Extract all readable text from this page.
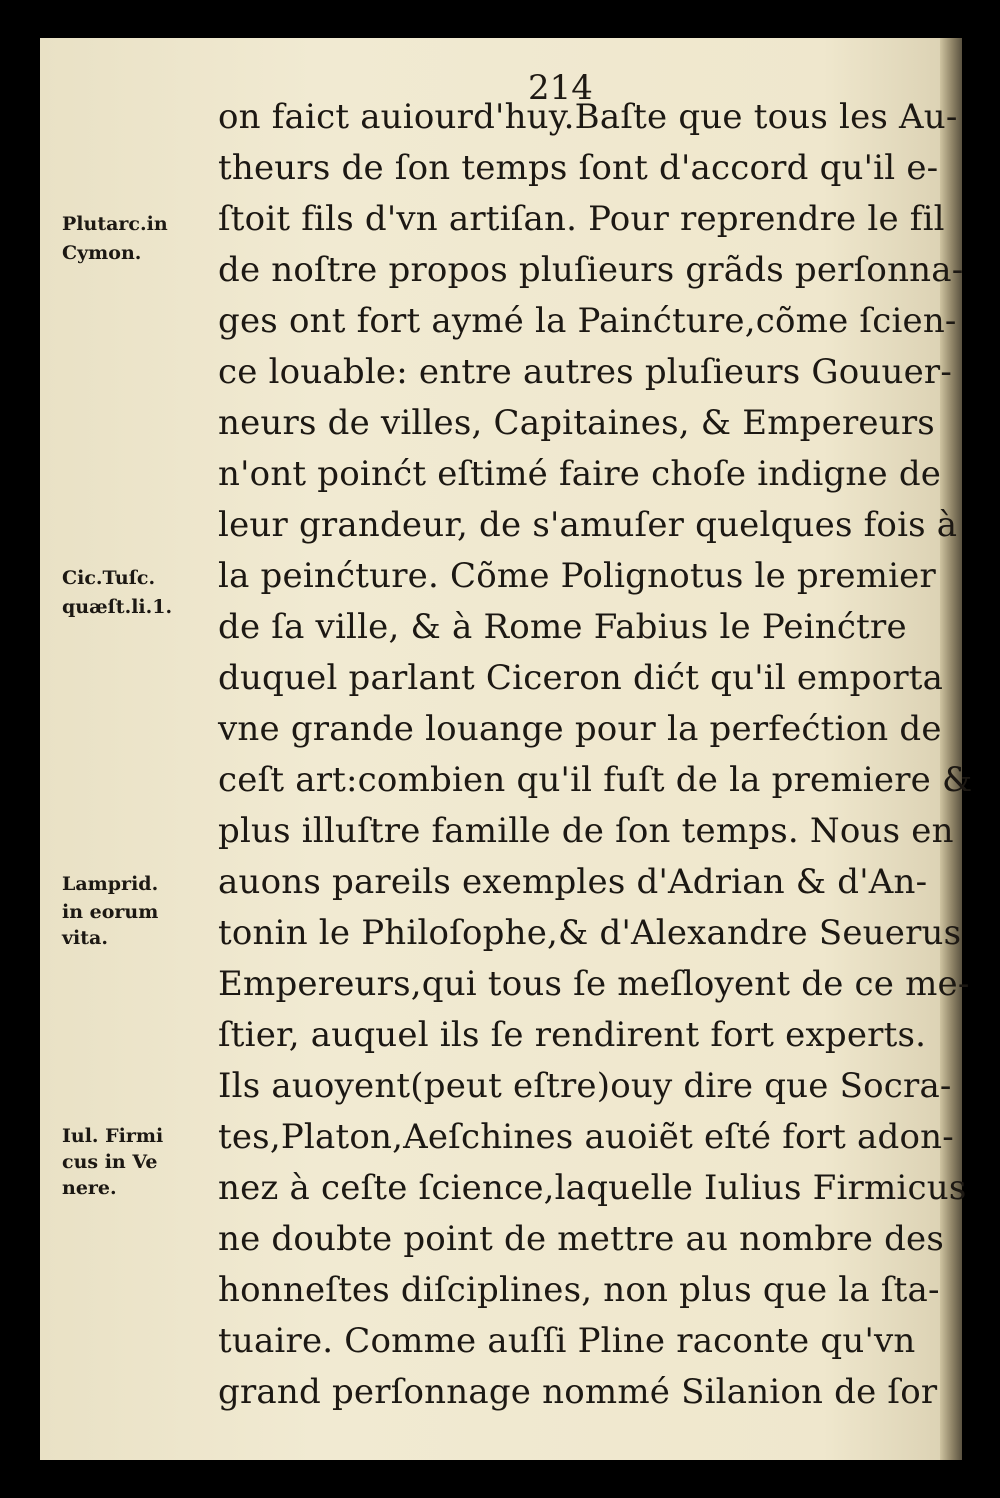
214

on faict auiourd'huy.Baſte que tous les Au-

theurs de ſon temps ſont d'accord qu'il e-

ſtoit fils d'vn artiſan. Pour reprendre le fil

de noſtre propos pluſieurs grãds perſonna-

ges ont fort aymé la Painćture,cõme ſcien-

ce louable: entre autres pluſieurs Gouuer-

neurs de villes, Capitaines, & Empereurs

n'ont poinćt eſtimé faire choſe indigne de

leur grandeur, de s'amuſer quelques fois à

la peinćture. Cõme Polignotus le premier

de ſa ville, & à Rome Fabius le Peinćtre

duquel parlant Ciceron dićt qu'il emporta

vne grande louange pour la perfećtion de

ceſt art:combien qu'il fuſt de la premiere &

plus illuſtre famille de ſon temps. Nous en

auons pareils exemples d'Adrian & d'An-

tonin le Philoſophe,& d'Alexandre Seuerus

Empereurs,qui tous ſe meſloyent de ce me-

ſtier, auquel ils ſe rendirent fort experts.

Ils auoyent(peut eſtre)ouy dire que Socra-

tes,Platon,Aeſchines auoiẽt eſté fort adon-

nez à ceſte ſcience,laquelle Iulius Firmicus

ne doubte point de mettre au nombre des

honneſtes diſciplines, non plus que la ſta-

tuaire. Comme auſſi Pline raconte qu'vn

grand perſonnage nommé Silanion de ſor

Plutarc.in

Cymon.

Cic.Tuſc.

quæſt.li.1.

Lamprid.

in eorum

vita.

Iul. Firmi

cus in Ve

nere.
